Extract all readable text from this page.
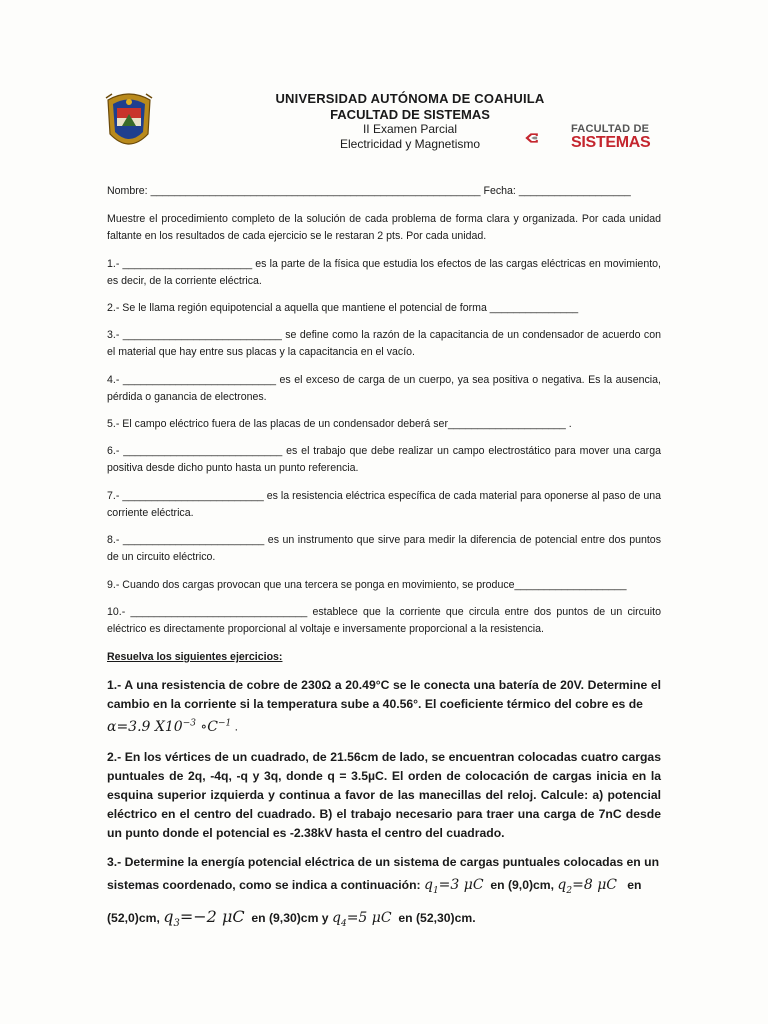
UNIVERSIDAD AUTÓNOMA DE COAHUILA
FACULTAD DE SISTEMAS
II Examen Parcial
Electricidad y Magnetismo
FACULTAD DE
SISTEMAS
Nombre: ________________________________________________________ Fecha: ___________________
Muestre el procedimiento completo de la solución de cada problema de forma clara y organizada. Por cada unidad faltante en los resultados de cada ejercicio se le restaran 2 pts. Por cada unidad.
1.- ______________________ es la parte de la física que estudia los efectos de las cargas eléctricas en movimiento, es decir, de la corriente eléctrica.
2.- Se le llama región equipotencial a aquella que mantiene el potencial de forma _______________
3.- ___________________________ se define como la razón de la capacitancia de un condensador de acuerdo con el material que hay entre sus placas y la capacitancia en el vacío.
4.- __________________________ es el exceso de carga de un cuerpo, ya sea positiva o negativa. Es la ausencia, pérdida o ganancia de electrones.
5.- El campo eléctrico fuera de las placas de un condensador deberá ser____________________ .
6.- ___________________________ es el trabajo que debe realizar un campo electrostático para mover una carga positiva desde dicho punto hasta un punto referencia.
7.- ________________________ es la resistencia eléctrica específica de cada material para oponerse al paso de una corriente eléctrica.
8.- ________________________ es un instrumento que sirve para medir la diferencia de potencial entre dos puntos de un circuito eléctrico.
9.- Cuando dos cargas provocan que una tercera se ponga en movimiento, se produce___________________
10.- ______________________________ establece que la corriente que circula entre dos puntos de un circuito eléctrico es directamente proporcional al voltaje e inversamente proporcional a la resistencia.
Resuelva los siguientes ejercicios:
1.- A una resistencia de cobre de 230Ω a 20.49°C se le conecta una batería de 20V. Determine el cambio en la corriente si la temperatura sube a 40.56°. El coeficiente térmico del cobre es de
α=3.9 $X10^{-3}$ $\circ C^{-1}$ .
2.- En los vértices de un cuadrado, de 21.56cm de lado, se encuentran colocadas cuatro cargas puntuales de 2q, -4q, -q y 3q, donde q = 3.5µC. El orden de colocación de cargas inicia en la esquina superior izquierda y continua a favor de las manecillas del reloj. Calcule: a) potencial eléctrico en el centro del cuadrado. B) el trabajo necesario para traer una carga de 7nC desde un punto donde el potencial es -2.38kV hasta el centro del cuadrado.
3.- Determine la energía potencial eléctrica de un sistema de cargas puntuales colocadas en un
sistemas coordenado, como se indica a continuación: $q_1=3$ μC en (9,0)cm, $q_2=8$ μC en
(52,0)cm, $q_3=-2$ μC en (9,30)cm y $q_4=5$ μC en (52,30)cm.
